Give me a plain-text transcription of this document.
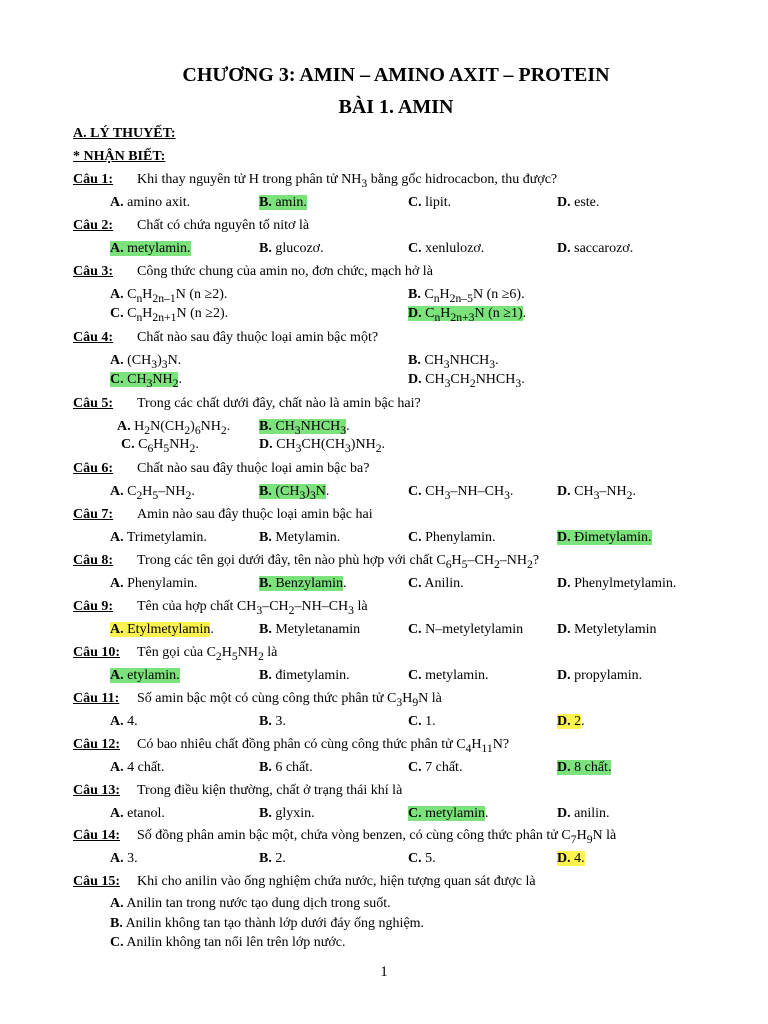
CHƯƠNG 3: AMIN – AMINO AXIT – PROTEIN
BÀI 1. AMIN
A. LÝ THUYẾT:
* NHẬN BIẾT:
Câu 1: Khi thay nguyên tử H trong phân tử $NH_3$ bằng gốc hidrocacbon, thu được?
A. amino axit.	B. amin.	C. lipit.	D. este.
Câu 2: Chất có chứa nguyên tố nitơ là
A. metylamin.	B. glucozơ.	C. xenlulozơ.	D. saccarozơ.
Câu 3: Công thức chung của amin no, đơn chức, mạch hở là
A. $C_nH_{2n-1}N$ (n ≥2).	B. $C_nH_{2n-5}N$ (n ≥6).
C. $C_nH_{2n+1}N$ (n ≥2).	D. $C_nH_{2n+3}N$ (n ≥1).
Câu 4: Chất nào sau đây thuộc loại amin bậc một?
A. $(CH_3)_3N$.	B. $CH_3NHCH_3$.
C. $CH_3NH_2$.	D. $CH_3CH_2NHCH_3$.
Câu 5: Trong các chất dưới đây, chất nào là amin bậc hai?
A. $H_2N(CH_2)_6NH_2$. B. $CH_3NHCH_3$.
C. $C_6H_5NH_2$.	D. $CH_3CH(CH_3)NH_2$.
Câu 6: Chất nào sau đây thuộc loại amin bậc ba?
A. $C_2H_5-NH_2$.	B. $(CH_3)_3N$.	C. $CH_3-NH-CH_3$.	D. $CH_3-NH_2$.
Câu 7: Amin nào sau đây thuộc loại amin bậc hai
A. Trimetylamin.	B. Metylamin.	C. Phenylamin.	D. Đimetylamin.
Câu 8: Trong các tên gọi dưới đây, tên nào phù hợp với chất $C_6H_5-CH_2-NH_2$?
A. Phenylamin.	B. Benzylamin.	C. Anilin.	D. Phenylmetylamin.
Câu 9: Tên của hợp chất $CH_3-CH_2-NH-CH_3$ là
A. Etylmetylamin.	B. Metyletanamin	C. N–metyletylamin D. Metyletylamin
Câu 10: Tên gọi của $C_2H_5NH_2$ là
A. etylamin.	B. đimetylamin.	C. metylamin.	D. propylamin.
Câu 11: Số amin bậc một có cùng công thức phân tử $C_3H_9N$ là
A. 4.	B. 3.	C. 1.	D. 2.
Câu 12: Có bao nhiêu chất đồng phân có cùng công thức phân tử $C_4H_{11}N$?
A. 4 chất.	B. 6 chất.	C. 7 chất.	D. 8 chất.
Câu 13: Trong điều kiện thường, chất ở trạng thái khí là
A. etanol.	B. glyxin.	C. metylamin.	D. anilin.
Câu 14: Số đồng phân amin bậc một, chứa vòng benzen, có cùng công thức phân tử $C_7H_9N$ là
A. 3.	B. 2.	C. 5.	D. 4.
Câu 15: Khi cho anilin vào ống nghiệm chứa nước, hiện tượng quan sát được là
A. Anilin tan trong nước tạo dung dịch trong suốt.
B. Anilin không tan tạo thành lớp dưới đáy ống nghiệm.
C. Anilin không tan nổi lên trên lớp nước.
1
